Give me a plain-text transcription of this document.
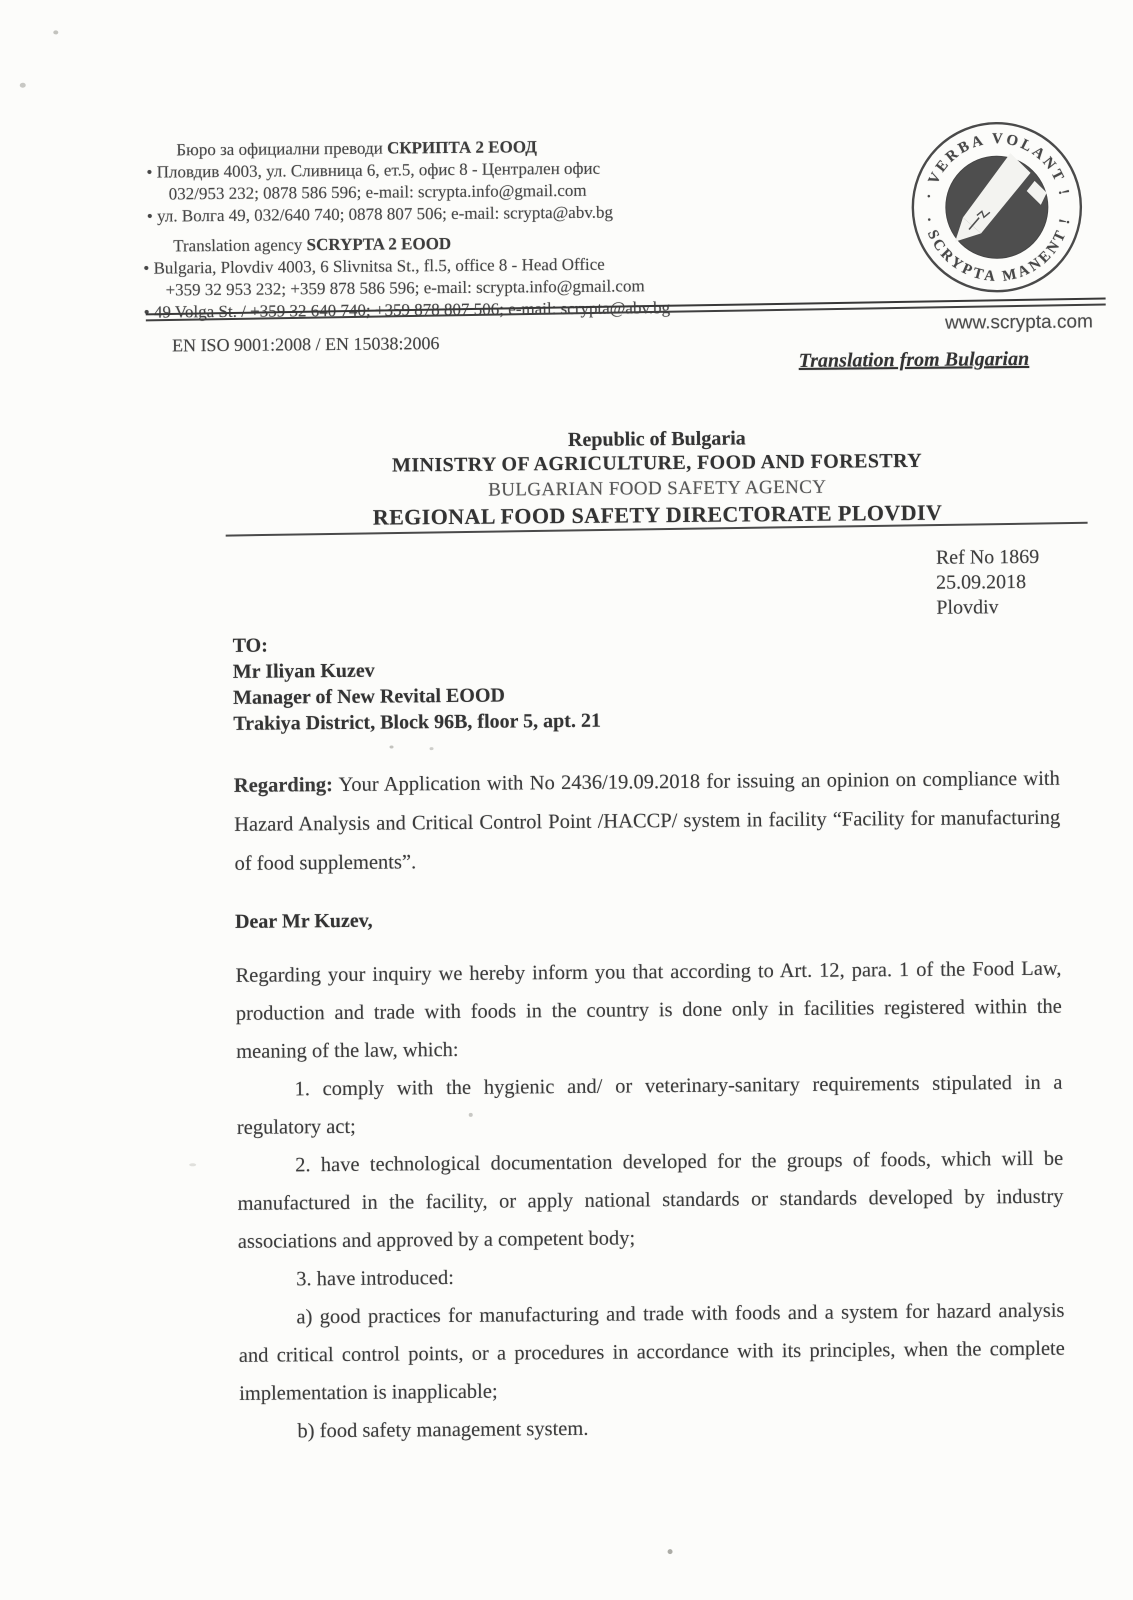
Бюро за официални преводи СКРИПТА 2 ЕООД
• Пловдив 4003, ул. Сливница 6, ет.5, офис 8 - Централен офис
032/953 232; 0878 586 596; e-mail: scrypta.info@gmail.com
• ул. Волга 49, 032/640 740; 0878 807 506; e-mail: scrypta@abv.bg
Translation agency SCRYPTA 2 EOOD
• Bulgaria, Plovdiv 4003, 6 Slivnitsa St., fl.5, office 8 - Head Office
+359 32 953 232; +359 878 586 596; e-mail: scrypta.info@gmail.com
• 49 Volga St. / +359 32 640 740; +359 878 807 506; e-mail: scrypta@abv.bg
· VERBA VOLANT !
· SCRYPTA MANENT !
www.scrypta.com
EN ISO 9001:2008 / EN 15038:2006
Translation from Bulgarian
Republic of Bulgaria
MINISTRY OF AGRICULTURE, FOOD AND FORESTRY
BULGARIAN FOOD SAFETY AGENCY
REGIONAL FOOD SAFETY DIRECTORATE PLOVDIV
Ref No 1869
25.09.2018
Plovdiv
TO:
Mr Iliyan Kuzev
Manager of New Revital EOOD
Trakiya District, Block 96B, floor 5, apt. 21

Regarding: Your Application with No 2436/19.09.2018 for issuing an opinion on compliance with Hazard Analysis and Critical Control Point /HACCP/ system in facility “Facility for manufacturing of food supplements”.

Dear Mr Kuzev,

Regarding your inquiry we hereby inform you that according to Art. 12, para. 1 of the Food Law, production and trade with foods in the country is done only in facilities registered within the meaning of the law, which:

1. comply with the hygienic and/ or veterinary-sanitary requirements stipulated in a regulatory act;

2. have technological documentation developed for the groups of foods, which will be manufactured in the facility, or apply national standards or standards developed by industry associations and approved by a competent body;

3. have introduced:

a) good practices for manufacturing and trade with foods and a system for hazard analysis and critical control points, or a procedures in accordance with its principles, when the complete implementation is inapplicable;

b) food safety management system.
